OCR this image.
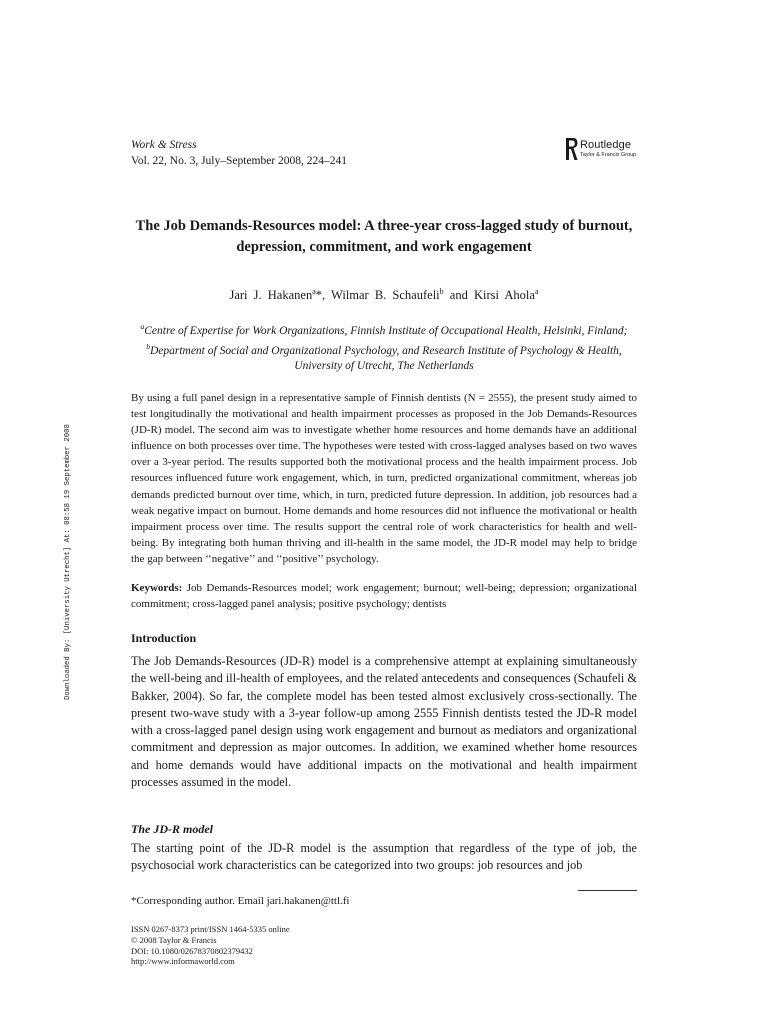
Work & Stress
Vol. 22, No. 3, July–September 2008, 224–241
Routledge
Taylor & Francis Group
The Job Demands-Resources model: A three-year cross-lagged study of burnout,
depression, commitment, and work engagement
Jari J. Hakanen$^a$*, Wilmar B. Schaufeli$^b$ and Kirsi Ahola$^a$
$^a$Centre of Expertise for Work Organizations, Finnish Institute of Occupational Health, Helsinki, Finland;
$^b$Department of Social and Organizational Psychology, and Research Institute of Psychology & Health,
University of Utrecht, The Netherlands
By using a full panel design in a representative sample of Finnish dentists (N = 2555), the present study aimed to test longitudinally the motivational and health impairment processes as proposed in the Job Demands-Resources (JD-R) model. The second aim was to investigate whether home resources and home demands have an additional influence on both processes over time. The hypotheses were tested with cross-lagged analyses based on two waves over a 3-year period. The results supported both the motivational process and the health impairment process. Job resources influenced future work engagement, which, in turn, predicted organizational commitment, whereas job demands predicted burnout over time, which, in turn, predicted future depression. In addition, job resources had a weak negative impact on burnout. Home demands and home resources did not influence the motivational or health impairment process over time. The results support the central role of work characteristics for health and well-being. By integrating both human thriving and ill-health in the same model, the JD-R model may help to bridge the gap between ‘‘negative’’ and ‘‘positive’’ psychology.
Keywords: Job Demands-Resources model; work engagement; burnout; well-being; depression; organizational commitment; cross-lagged panel analysis; positive psychology; dentists
Downloaded By: [University Utrecht] At: 08:58 19 September 2008	Introduction
The Job Demands-Resources (JD-R) model is a comprehensive attempt at explaining simultaneously the well-being and ill-health of employees, and the related antecedents and consequences (Schaufeli & Bakker, 2004). So far, the complete model has been tested almost exclusively cross-sectionally. The present two-wave study with a 3-year follow-up among 2555 Finnish dentists tested the JD-R model with a cross-lagged panel design using work engagement and burnout as mediators and organizational commitment and depression as major outcomes. In addition, we examined whether home resources and home demands would have additional impacts on the motivational and health impairment processes assumed in the model.
The JD-R model
The starting point of the JD-R model is the assumption that regardless of the type of job, the psychosocial work characteristics can be categorized into two groups: job resources and job
*Corresponding author. Email jari.hakanen@ttl.fi
ISSN 0267-8373 print/ISSN 1464-5335 online
© 2008 Taylor & Francis
DOI: 10.1080/02678370802379432
http://www.informaworld.com
